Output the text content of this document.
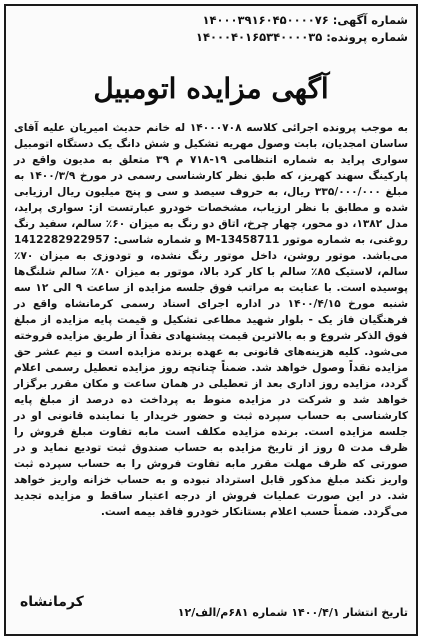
شماره آگهی: ۱۴۰۰۰۳۹۱۶۰۴۵۰۰۰۰۷۶
شماره پرونده: ۱۴۰۰۰۴۰۱۶۵۳۴۰۰۰۰۳۵
آگهی مزایده اتومبیل

به موجب پرونده اجرائی کلاسه ۱۴۰۰۰۷۰۸ له خانم حدیث امیریان علیه آقای ساسان امجدیان، بابت وصول مهریه تشکیل و شش دانگ یک دستگاه اتومبیل سواری پراید به شماره انتظامی ۱۹-۷۱۸ م ۳۹ متعلق به مدیون واقع در پارکینگ سهند کهریز، که طبق نظر کارشناسی رسمی در مورخ ۱۴۰۰/۳/۹ به مبلغ ۳۳۵/۰۰۰/۰۰۰ ریال، به حروف سیصد و سی و پنج میلیون ریال ارزیابی شده و مطابق با نظر ارزیاب، مشخصات خودرو عبارتست از: سواری پراید، مدل ۱۳۸۲، دو محور، چهار چرخ، اتاق دو رنگ به میزان ۶۰٪ سالم، سفید رنگ روغنی، به شماره موتور M-13458711 و شماره شاسی: 1412282922957 می‌باشد. موتور روشن، داخل موتور رنگ نشده، و تودوزی به میزان ۷۰٪ سالم، لاستیک ۸۵٪ سالم با کار کرد بالا، موتور به میزان ۸۰٪ سالم شلنگ‌ها پوسیده است. با عنایت به مراتب فوق جلسه مزایده از ساعت ۹ الی ۱۲ سه شنبه مورخ ۱۴۰۰/۴/۱۵ در اداره اجرای اسناد رسمی کرمانشاه واقع در فرهنگیان فاز یک - بلوار شهید مطاعی تشکیل و قیمت پایه مزایده از مبلغ فوق الذکر شروع و به بالاترین قیمت پیشنهادی نقداً از طریق مزایده فروخته می‌شود. کلیه هزینه‌های قانونی به عهده برنده مزایده است و نیم عشر حق مزایده نقداً وصول خواهد شد. ضمناً چنانچه روز مزایده تعطیل رسمی اعلام گردد، مزایده روز اداری بعد از تعطیلی در همان ساعت و مکان مقرر برگزار خواهد شد و شرکت در مزایده منوط به پرداخت ده درصد از مبلغ پایه کارشناسی به حساب سپرده ثبت و حضور خریدار یا نماینده قانونی او در جلسه مزایده است. برنده مزایده مکلف است مابه تفاوت مبلغ فروش را ظرف مدت ۵ روز از تاریخ مزایده به حساب صندوق ثبت تودیع نماید و در صورتی که ظرف مهلت مقرر مابه تفاوت فروش را به حساب سپرده ثبت واریز نکند مبلغ مذکور قابل استرداد نبوده و به حساب خزانه واریز خواهد شد. در این صورت عملیات فروش از درجه اعتبار ساقط و مزایده تجدید می‌گردد. ضمناً حسب اعلام بستانکار خودرو فاقد بیمه است.

تاریخ انتشار ۱۴۰۰/۴/۱ شماره ۶۸۱م/الف/۱۲
کرمانشاه
